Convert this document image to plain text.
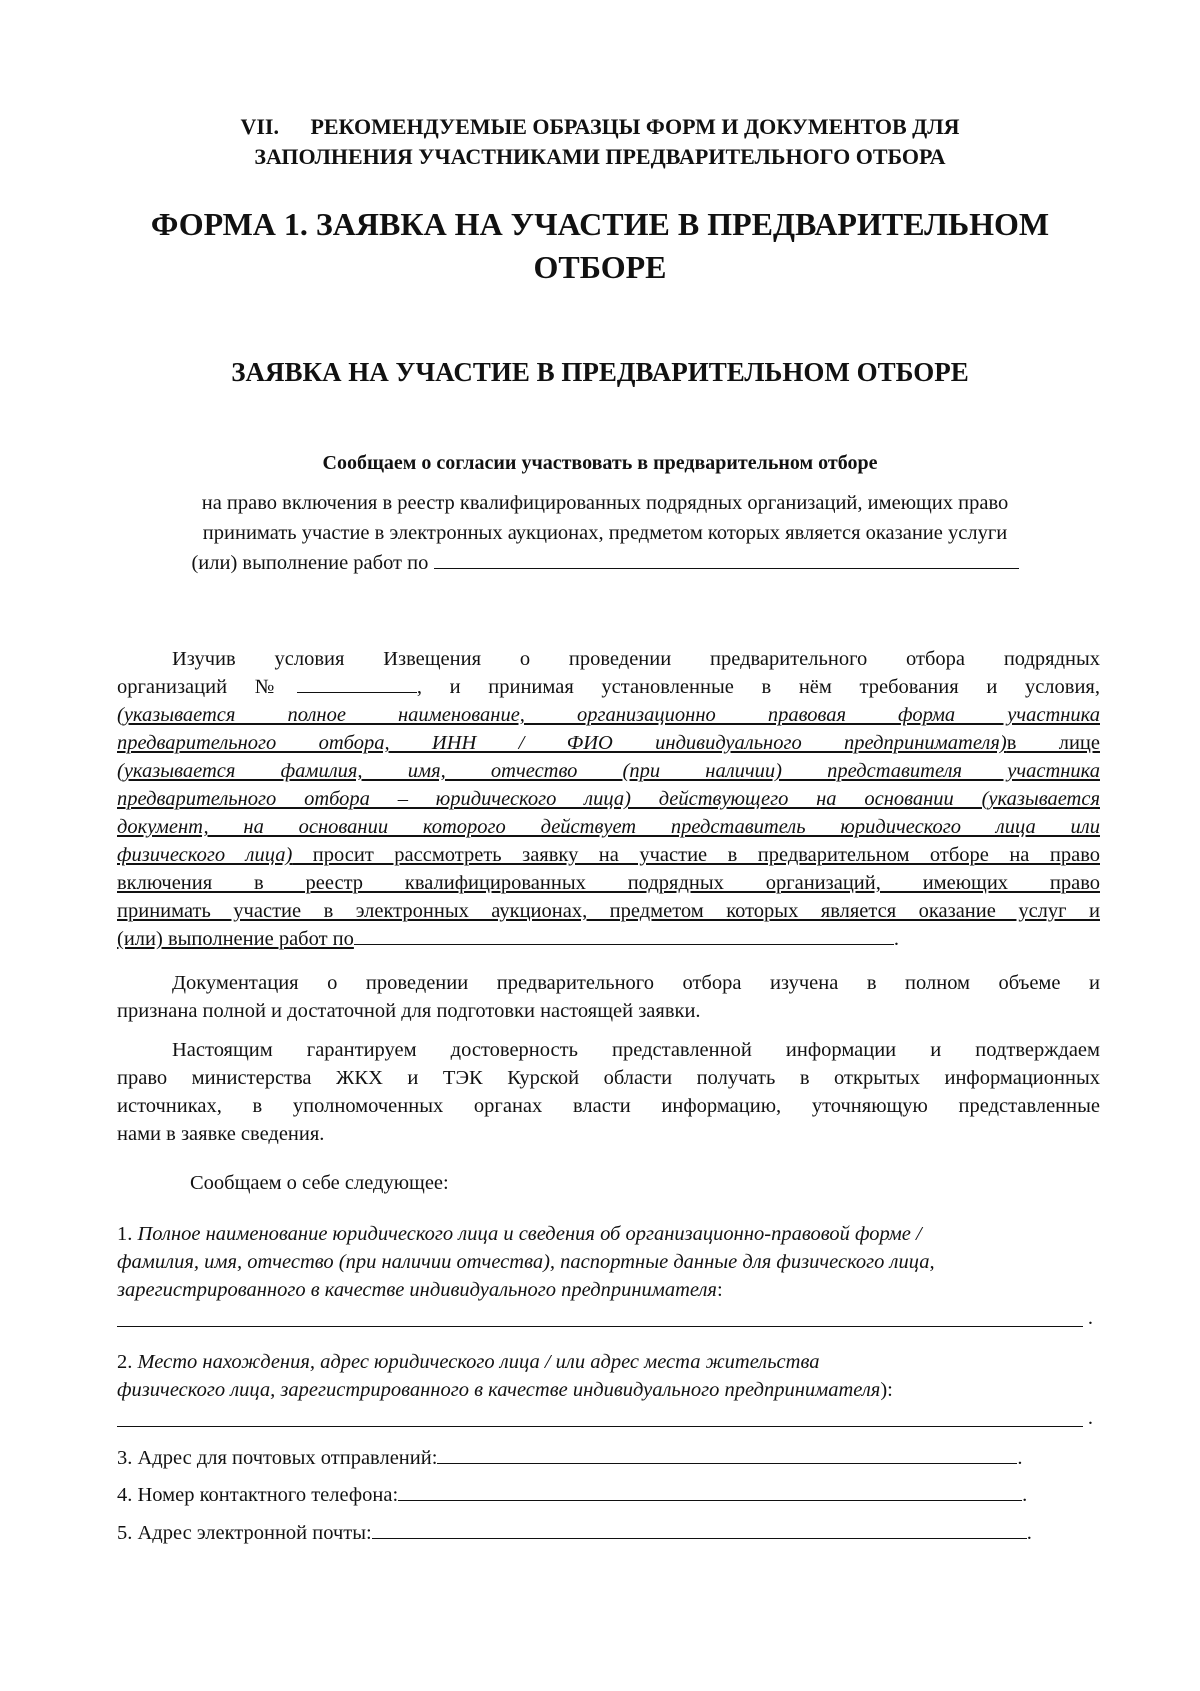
VII. РЕКОМЕНДУЕМЫЕ ОБРАЗЦЫ ФОРМ И ДОКУМЕНТОВ ДЛЯ
ЗАПОЛНЕНИЯ УЧАСТНИКАМИ ПРЕДВАРИТЕЛЬНОГО ОТБОРА
ФОРМА 1. ЗАЯВКА НА УЧАСТИЕ В ПРЕДВАРИТЕЛЬНОМ
ОТБОРЕ
ЗАЯВКА НА УЧАСТИЕ В ПРЕДВАРИТЕЛЬНОМ ОТБОРЕ
Сообщаем о согласии участвовать в предварительном отборе
на право включения в реестр квалифицированных подрядных организаций, имеющих право
принимать участие в электронных аукционах, предметом которых является оказание услуги
(или) выполнение работ по
Изучив условия Извещения о проведении предварительного отбора подрядных
организаций №	, и принимая установленные в нём требования и условия,
(указывается полное наименование, организационно правовая форма участника
предварительного отбора, ИНН / ФИО индивидуального предпринимателя)в лице
(указывается фамилия, имя, отчество (при наличии) представителя участника
предварительного отбора – юридического лица) действующего на основании (указывается
документ, на основании которого действует представитель юридического лица или
физического лица) просит рассмотреть заявку на участие в предварительном отборе на право
включения в реестр квалифицированных подрядных организаций, имеющих право
принимать участие в электронных аукционах, предметом которых является оказание услуг и
(или) выполнение работ по	.
Документация о проведении предварительного отбора изучена в полном объеме и
признана полной и достаточной для подготовки настоящей заявки.
Настоящим гарантируем достоверность представленной информации и подтверждаем
право министерства ЖКХ и ТЭК Курской области получать в открытых информационных
источниках, в уполномоченных органах власти информацию, уточняющую представленные
нами в заявке сведения.
Сообщаем о себе следующее:
1. Полное наименование юридического лица и сведения об организационно-правовой форме /
фамилия, имя, отчество (при наличии отчества), паспортные данные для физического лица,
зарегистрированного в качестве индивидуального предпринимателя:
.
2. Место нахождения, адрес юридического лица / или адрес места жительства
физического лица, зарегистрированного в качестве индивидуального предпринимателя):
.
3. Адрес для почтовых отправлений:	.
4. Номер контактного телефона:	.
5. Адрес электронной почты:	.
